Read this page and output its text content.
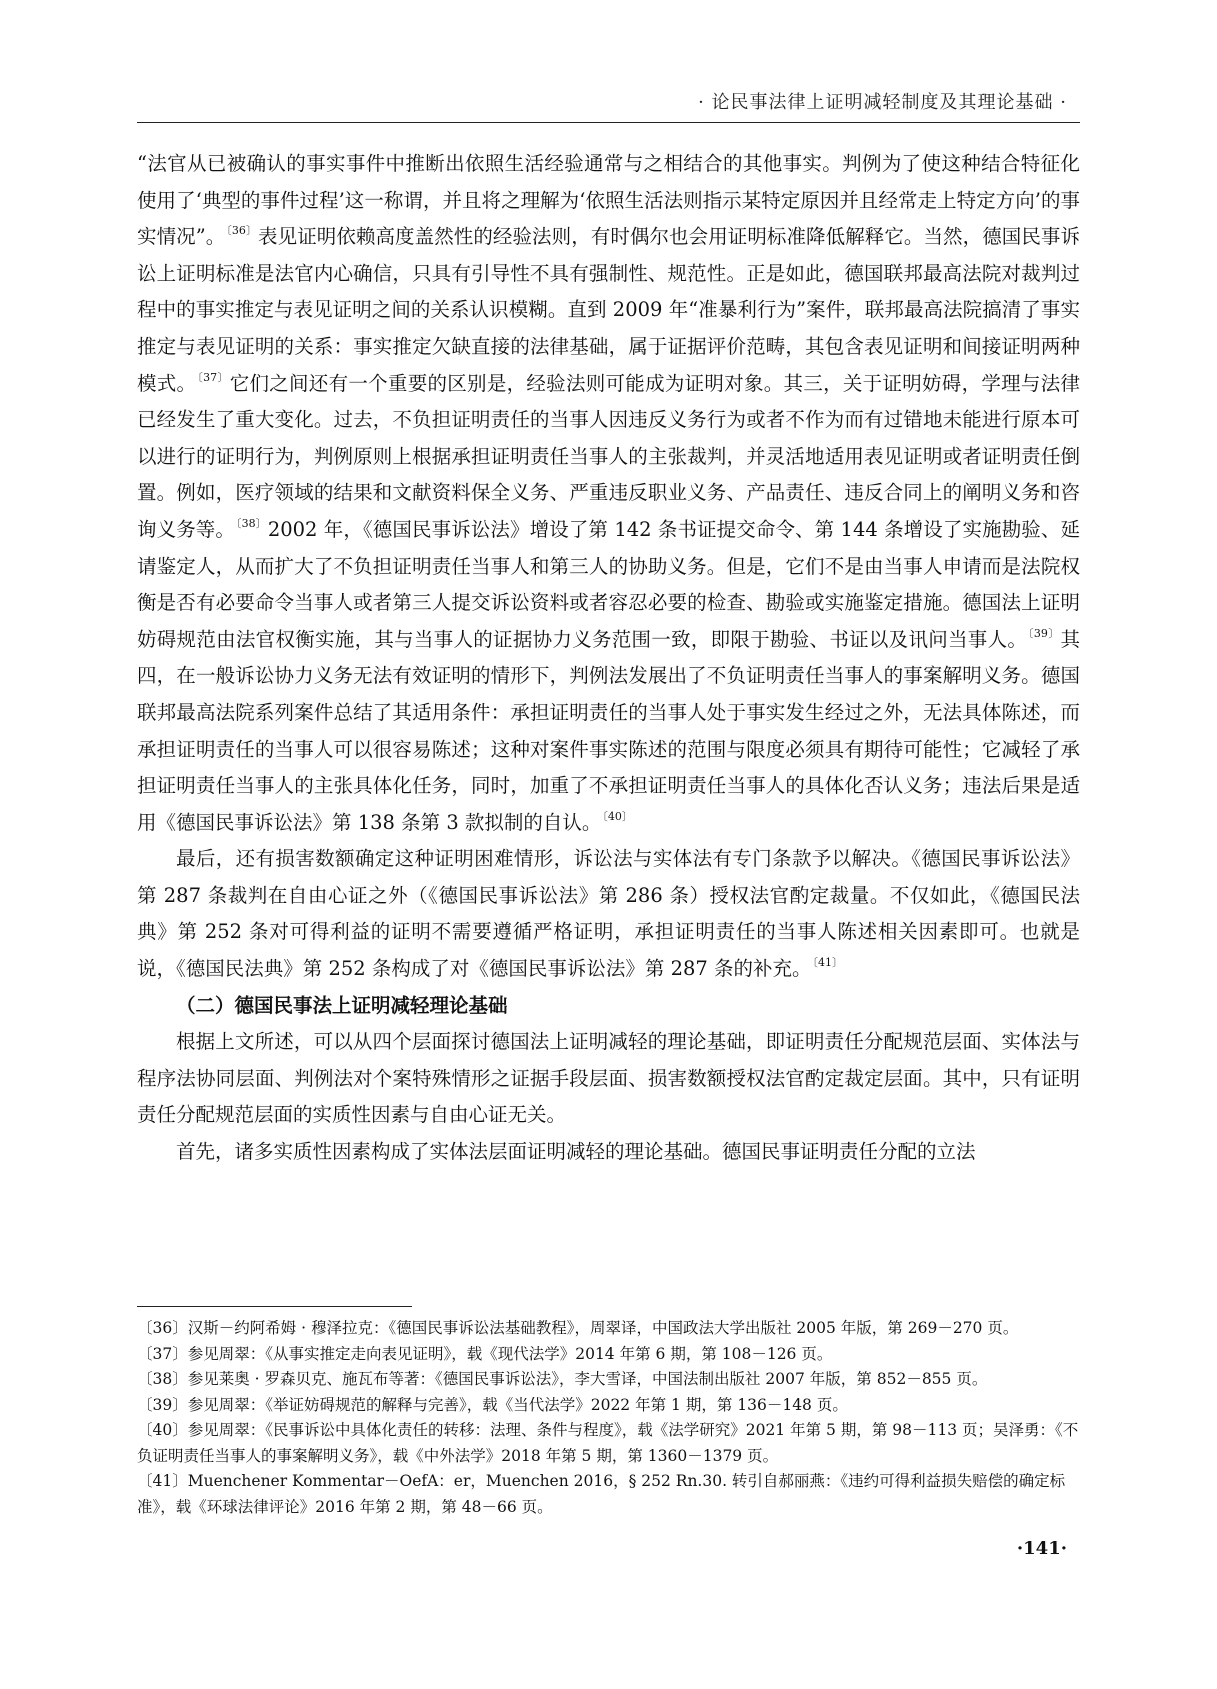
· 论民事法律上证明减轻制度及其理论基础 ·

“法官从已被确认的事实事件中推断出依照生活经验通常与之相结合的其他事实。判例为了使这种结合特征化使用了‘典型的事件过程’这一称谓，并且将之理解为‘依照生活法则指示某特定原因并且经常走上特定方向’的事实情况”。$^{〔36〕}$表见证明依赖高度盖然性的经验法则，有时偶尔也会用证明标准降低解释它。当然，德国民事诉讼上证明标准是法官内心确信，只具有引导性不具有强制性、规范性。正是如此，德国联邦最高法院对裁判过程中的事实推定与表见证明之间的关系认识模糊。直到 2009 年“准暴利行为”案件，联邦最高法院搞清了事实推定与表见证明的关系：事实推定欠缺直接的法律基础，属于证据评价范畴，其包含表见证明和间接证明两种模式。$^{〔37〕}$它们之间还有一个重要的区别是，经验法则可能成为证明对象。其三，关于证明妨碍，学理与法律已经发生了重大变化。过去，不负担证明责任的当事人因违反义务行为或者不作为而有过错地未能进行原本可以进行的证明行为，判例原则上根据承担证明责任当事人的主张裁判，并灵活地适用表见证明或者证明责任倒置。例如，医疗领域的结果和文献资料保全义务、严重违反职业义务、产品责任、违反合同上的阐明义务和咨询义务等。$^{〔38〕}$2002 年，《德国民事诉讼法》增设了第 142 条书证提交命令、第 144 条增设了实施勘验、延请鉴定人，从而扩大了不负担证明责任当事人和第三人的协助义务。但是，它们不是由当事人申请而是法院权衡是否有必要命令当事人或者第三人提交诉讼资料或者容忍必要的检查、勘验或实施鉴定措施。德国法上证明妨碍规范由法官权衡实施，其与当事人的证据协力义务范围一致，即限于勘验、书证以及讯问当事人。$^{〔39〕}$其四，在一般诉讼协力义务无法有效证明的情形下，判例法发展出了不负证明责任当事人的事案解明义务。德国联邦最高法院系列案件总结了其适用条件：承担证明责任的当事人处于事实发生经过之外，无法具体陈述，而承担证明责任的当事人可以很容易陈述；这种对案件事实陈述的范围与限度必须具有期待可能性；它减轻了承担证明责任当事人的主张具体化任务，同时，加重了不承担证明责任当事人的具体化否认义务；违法后果是适用《德国民事诉讼法》第 138 条第 3 款拟制的自认。$^{〔40〕}$

最后，还有损害数额确定这种证明困难情形，诉讼法与实体法有专门条款予以解决。《德国民事诉讼法》第 287 条裁判在自由心证之外（《德国民事诉讼法》第 286 条）授权法官酌定裁量。不仅如此，《德国民法典》第 252 条对可得利益的证明不需要遵循严格证明，承担证明责任的当事人陈述相关因素即可。也就是说，《德国民法典》第 252 条构成了对《德国民事诉讼法》第 287 条的补充。$^{〔41〕}$

（二）德国民事法上证明减轻理论基础

根据上文所述，可以从四个层面探讨德国法上证明减轻的理论基础，即证明责任分配规范层面、实体法与程序法协同层面、判例法对个案特殊情形之证据手段层面、损害数额授权法官酌定裁定层面。其中，只有证明责任分配规范层面的实质性因素与自由心证无关。

首先，诸多实质性因素构成了实体法层面证明减轻的理论基础。德国民事证明责任分配的立法

〔36〕汉斯－约阿希姆 · 穆泽拉克：《德国民事诉讼法基础教程》，周翠译，中国政法大学出版社 2005 年版，第 269－270 页。

〔37〕参见周翠：《从事实推定走向表见证明》，载《现代法学》2014 年第 6 期，第 108－126 页。

〔38〕参见莱奥 · 罗森贝克、施瓦布等著：《德国民事诉讼法》，李大雪译，中国法制出版社 2007 年版，第 852－855 页。

〔39〕参见周翠：《举证妨碍规范的解释与完善》，载《当代法学》2022 年第 1 期，第 136－148 页。

〔40〕参见周翠：《民事诉讼中具体化责任的转移：法理、条件与程度》，载《法学研究》2021 年第 5 期，第 98－113 页；吴泽勇：《不负证明责任当事人的事案解明义务》，载《中外法学》2018 年第 5 期，第 1360－1379 页。

〔41〕Muenchener Kommentar－OefA：er，Muenchen 2016，§ 252 Rn.30. 转引自郝丽燕：《违约可得利益损失赔偿的确定标准》，载《环球法律评论》2016 年第 2 期，第 48－66 页。

·141·
